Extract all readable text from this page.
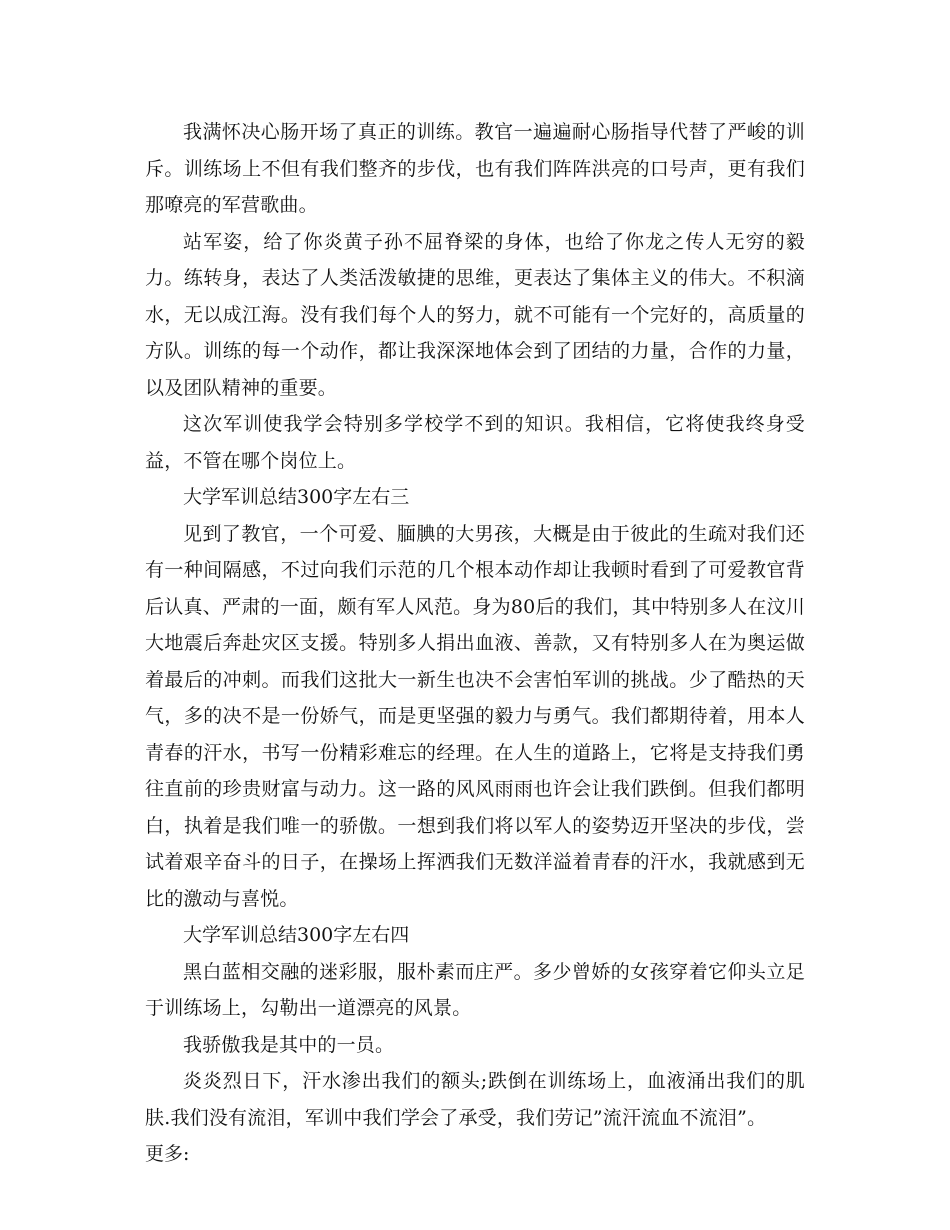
我满怀决心肠开场了真正的训练。教官一遍遍耐心肠指导代替了严峻的训斥。训练场上不但有我们整齐的步伐，也有我们阵阵洪亮的口号声，更有我们那嘹亮的军营歌曲。

站军姿，给了你炎黄子孙不屈脊梁的身体，也给了你龙之传人无穷的毅力。练转身，表达了人类活泼敏捷的思维，更表达了集体主义的伟大。不积滴水，无以成江海。没有我们每个人的努力，就不可能有一个完好的，高质量的方队。训练的每一个动作，都让我深深地体会到了团结的力量，合作的力量，以及团队精神的重要。

这次军训使我学会特别多学校学不到的知识。我相信，它将使我终身受益，不管在哪个岗位上。

大学军训总结300字左右三

见到了教官，一个可爱、腼腆的大男孩，大概是由于彼此的生疏对我们还有一种间隔感，不过向我们示范的几个根本动作却让我顿时看到了可爱教官背后认真、严肃的一面，颇有军人风范。身为80后的我们，其中特别多人在汶川大地震后奔赴灾区支援。特别多人捐出血液、善款，又有特别多人在为奥运做着最后的冲刺。而我们这批大一新生也决不会害怕军训的挑战。少了酷热的天气，多的决不是一份娇气，而是更坚强的毅力与勇气。我们都期待着，用本人青春的汗水，书写一份精彩难忘的经理。在人生的道路上，它将是支持我们勇往直前的珍贵财富与动力。这一路的风风雨雨也许会让我们跌倒。但我们都明白，执着是我们唯一的骄傲。一想到我们将以军人的姿势迈开坚决的步伐，尝试着艰辛奋斗的日子，在操场上挥洒我们无数洋溢着青春的汗水，我就感到无比的激动与喜悦。

大学军训总结300字左右四

黑白蓝相交融的迷彩服，服朴素而庄严。多少曾娇的女孩穿着它仰头立足于训练场上，勾勒出一道漂亮的风景。

我骄傲我是其中的一员。

炎炎烈日下，汗水渗出我们的额头;跌倒在训练场上，血液涌出我们的肌肤.我们没有流泪，军训中我们学会了承受，我们劳记”流汗流血不流泪”。

更多:
